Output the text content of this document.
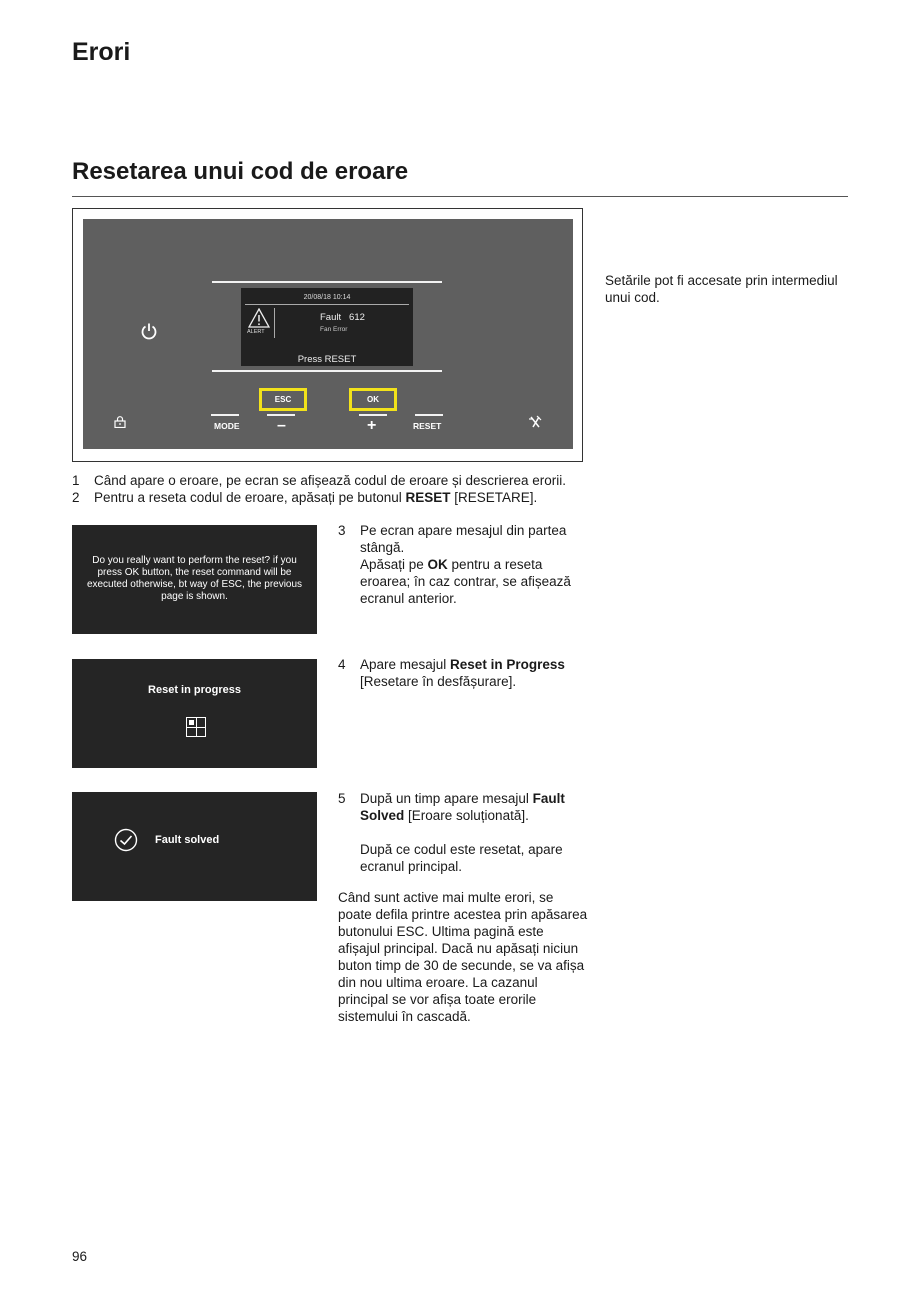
Erori
Resetarea unui cod de eroare
Setările pot fi accesate prin intermediul unui cod.
20/08/18 10:14
ALERT
Fault   612
Fan Error
Press RESET
ESC	OK
MODE –	+	RESET
1	Când apare o eroare, pe ecran se afișează codul de eroare și descrierea erorii.
2	Pentru a reseta codul de eroare, apăsați pe butonul RESET [RESETARE].
Do you really want to perform the reset? if you press OK button, the reset command will be executed otherwise, bt way of ESC, the previous page is shown.
Reset in progress
Fault solved
3	Pe ecran apare mesajul din partea stângă.
Apăsați pe OK pentru a reseta eroarea; în caz contrar, se afișează ecranul anterior.
4	Apare mesajul Reset in Progress [Resetare în desfășurare].
5	După un timp apare mesajul Fault Solved [Eroare soluționată].
După ce codul este resetat, apare ecranul principal.
Când sunt active mai multe erori, se poate defila printre acestea prin apăsarea butonului ESC. Ultima pagină este afișajul principal. Dacă nu apăsați niciun buton timp de 30 de secunde, se va afișa din nou ultima eroare. La cazanul principal se vor afișa toate erorile sistemului în cascadă.
96
